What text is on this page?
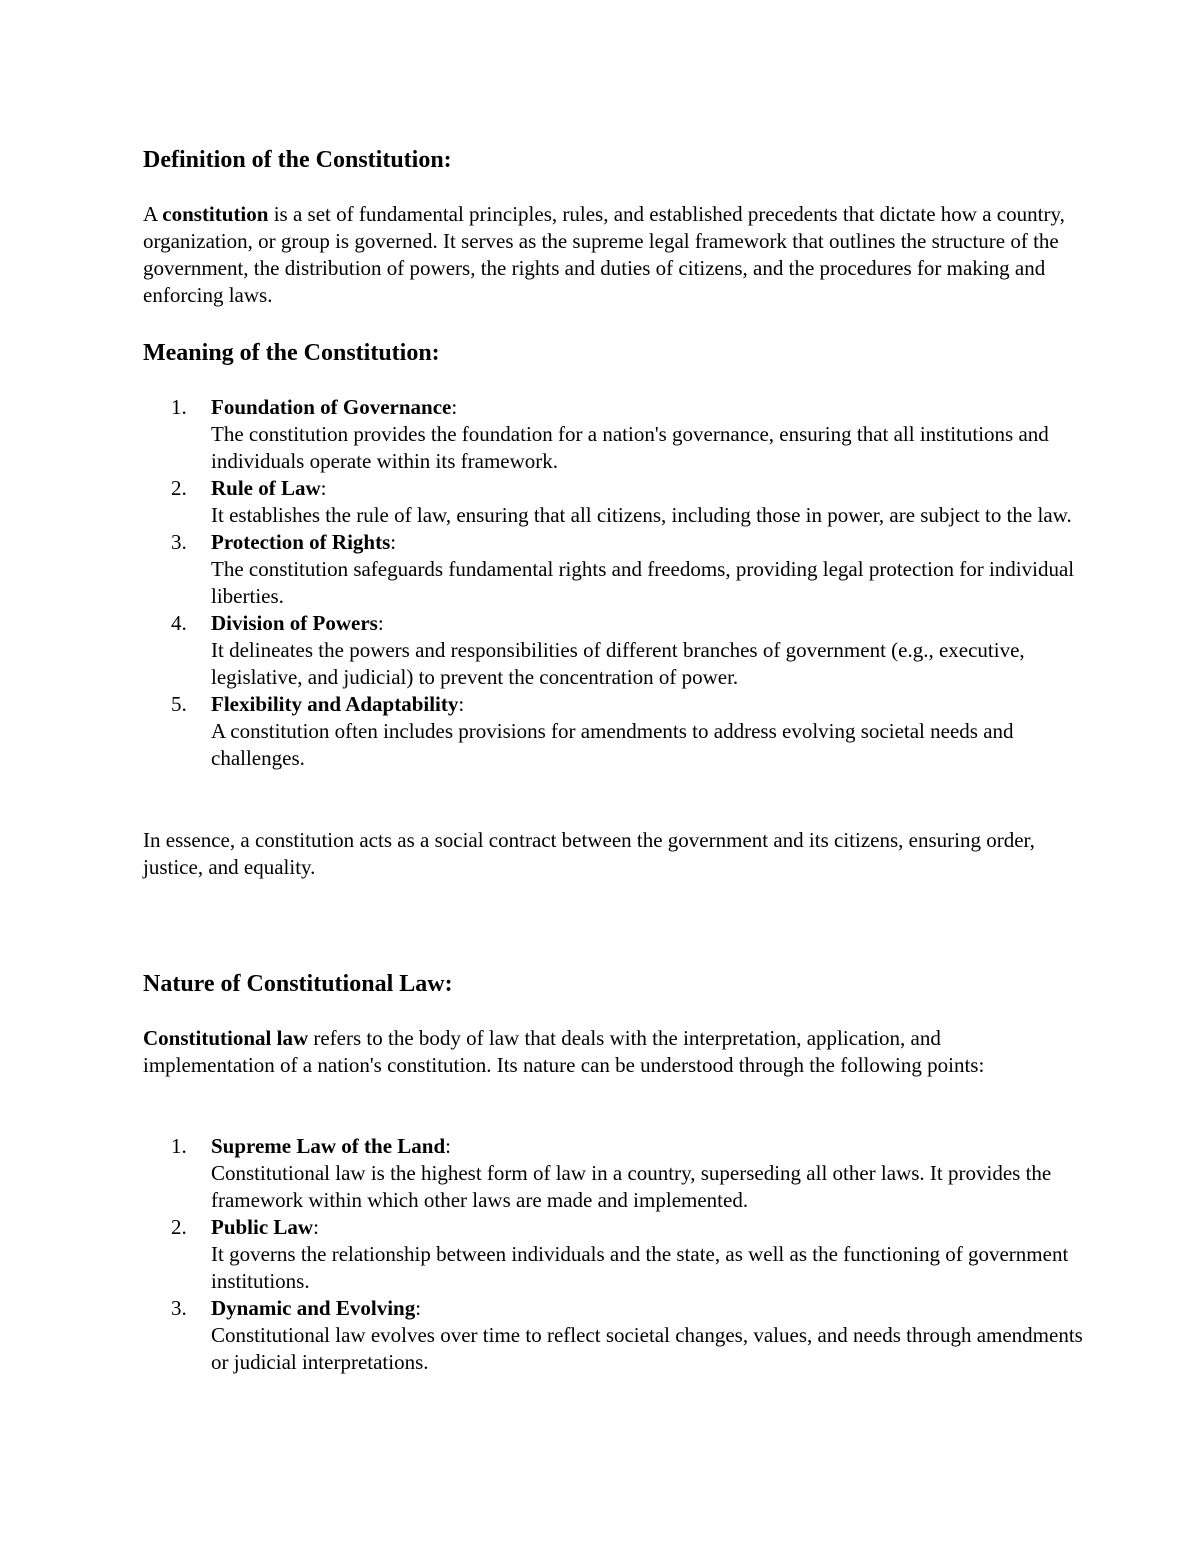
Definition of the Constitution:

A constitution is a set of fundamental principles, rules, and established precedents that dictate how a country, organization, or group is governed. It serves as the supreme legal framework that outlines the structure of the government, the distribution of powers, the rights and duties of citizens, and the procedures for making and enforcing laws.

Meaning of the Constitution:
1. Foundation of Governance:
The constitution provides the foundation for a nation's governance, ensuring that all institutions and individuals operate within its framework.
2. Rule of Law:
It establishes the rule of law, ensuring that all citizens, including those in power, are subject to the law.
3. Protection of Rights:
The constitution safeguards fundamental rights and freedoms, providing legal protection for individual liberties.
4. Division of Powers:
It delineates the powers and responsibilities of different branches of government (e.g., executive, legislative, and judicial) to prevent the concentration of power.
5. Flexibility and Adaptability:
A constitution often includes provisions for amendments to address evolving societal needs and challenges.

In essence, a constitution acts as a social contract between the government and its citizens, ensuring order, justice, and equality.

Nature of Constitutional Law:

Constitutional law refers to the body of law that deals with the interpretation, application, and implementation of a nation's constitution. Its nature can be understood through the following points:

1. Supreme Law of the Land:
Constitutional law is the highest form of law in a country, superseding all other laws. It provides the framework within which other laws are made and implemented.
2. Public Law:
It governs the relationship between individuals and the state, as well as the functioning of government institutions.
3. Dynamic and Evolving:
Constitutional law evolves over time to reflect societal changes, values, and needs through amendments or judicial interpretations.
